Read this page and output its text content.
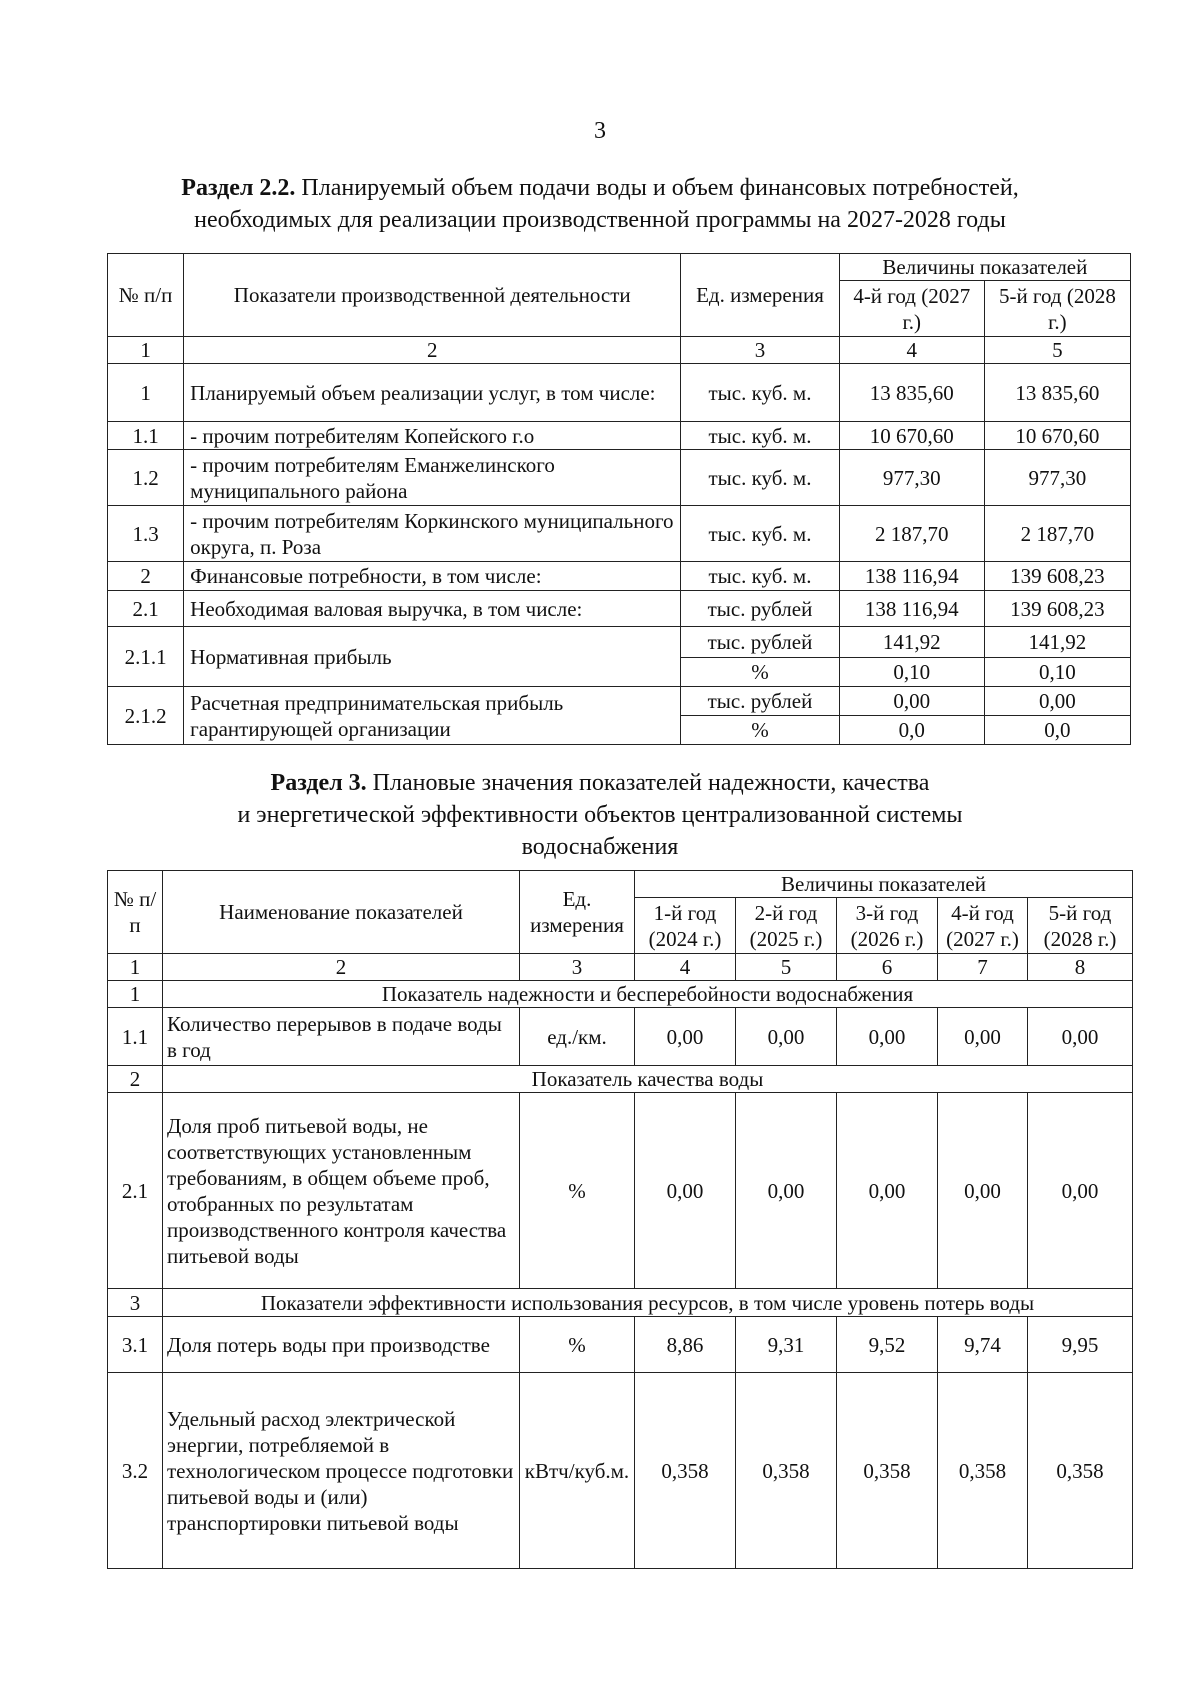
3
Раздел 2.2. Планируемый объем подачи воды и объем финансовых потребностей,
необходимых для реализации производственной программы на 2027-2028 годы
№ п/п	Показатели производственной деятельности	Ед. измерения	Величины показателей	
			4-й год (2027 г.)	5-й год (2028 г.)
1	2	3	4	5
1	Планируемый объем реализации услуг, в том числе:	тыс. куб. м.	13 835,60	13 835,60
1.1	- прочим потребителям Копейского г.о	тыс. куб. м.	10 670,60	10 670,60
1.2	- прочим потребителям Еманжелинского муниципального района	тыс. куб. м.	977,30	977,30
1.3	- прочим потребителям Коркинского муниципального округа, п. Роза	тыс. куб. м.	2 187,70	2 187,70
2	Финансовые потребности, в том числе:	тыс. куб. м.	138 116,94	139 608,23
2.1	Необходимая валовая выручка, в том числе:	тыс. рублей	138 116,94	139 608,23
2.1.1	Нормативная прибыль	тыс. рублей	141,92	141,92
		%	0,10	0,10
2.1.2	Расчетная предпринимательская прибыль гарантирующей организации	тыс. рублей	0,00	0,00
		%	0,0	0,0
Раздел 3. Плановые значения показателей надежности, качества
и энергетической эффективности объектов централизованной системы
водоснабжения
№ п/п	Наименование показателей	Ед. измерения	Величины показателей				
			1-й год (2024 г.)	2-й год (2025 г.)	3-й год (2026 г.)	4-й год (2027 г.)	5-й год (2028 г.)
1	2	3	4	5	6	7	8
1	Показатель надежности и бесперебойности водоснабжения						
1.1	Количество перерывов в подаче воды в год	ед./км.	0,00	0,00	0,00	0,00	0,00
2	Показатель качества воды						
2.1	Доля проб питьевой воды, не соответствующих установленным требованиям, в общем объеме проб, отобранных по результатам производственного контроля качества питьевой воды	%	0,00	0,00	0,00	0,00	0,00
3	Показатели эффективности использования ресурсов, в том числе уровень потерь воды						
3.1	Доля потерь воды при производстве	%	8,86	9,31	9,52	9,74	9,95
3.2	Удельный расход электрической энергии, потребляемой в технологическом процессе подготовки питьевой воды и (или) транспортировки питьевой воды	кВтч/куб.м.	0,358	0,358	0,358	0,358	0,358
